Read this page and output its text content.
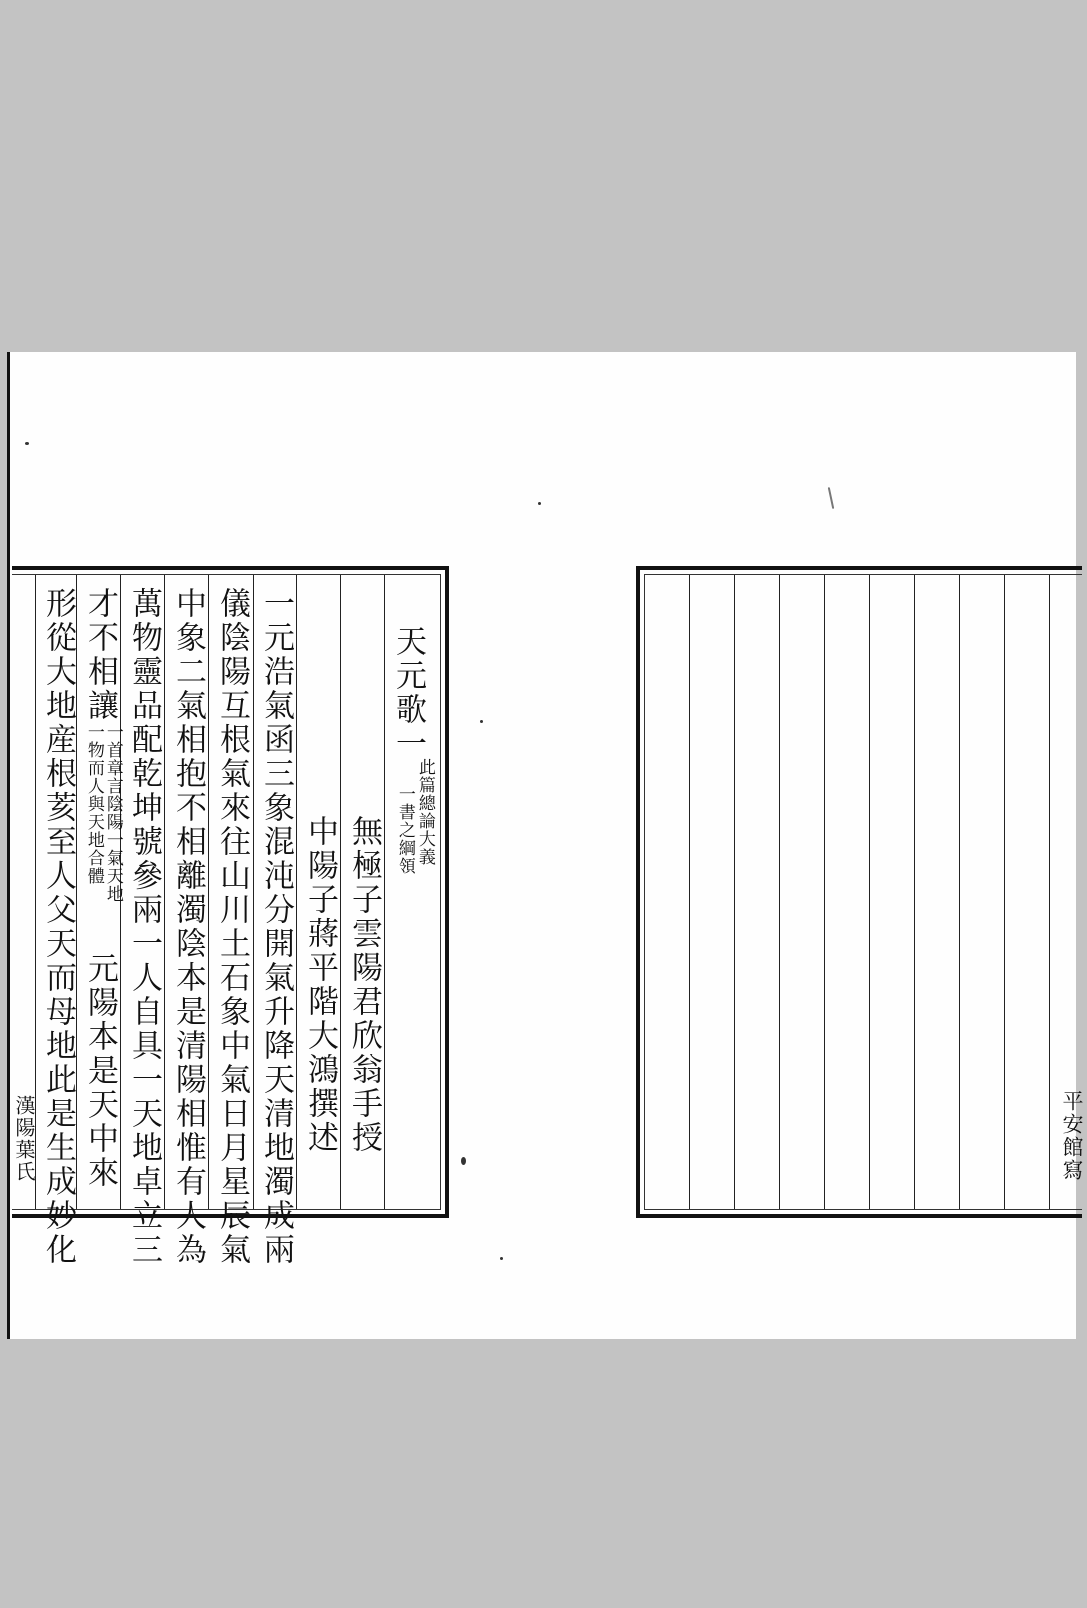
天元歌一
此篇總論大義
一書之綱領
無極子雲陽君欣翁手授
中陽子蔣平階大鴻撰述
一元浩氣函三象混沌分開氣升降天清地濁成兩
儀陰陽互根氣來往山川土石象中氣日月星辰氣
中象二氣相抱不相離濁陰本是清陽相惟有人為
萬物靈品配乾坤號參兩一人自具一天地卓立三
才不相讓
一首章言陰陽一氣天地
一物而人與天地合體
元陽本是天中來
形從大地産根荄至人父天而母地此是生成妙化
漢陽葉氏	平安館寫
